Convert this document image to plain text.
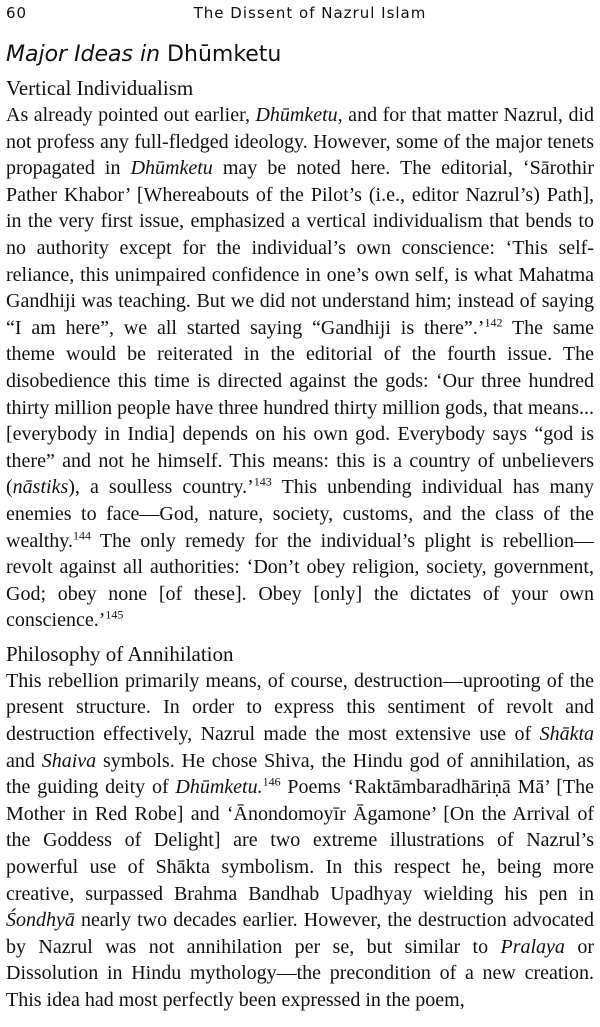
60	The Dissent of Nazrul Islam
Major Ideas in Dhūmketu
Vertical Individualism

As already pointed out earlier, Dhūmketu, and for that matter Nazrul, did not profess any full-fledged ideology. However, some of the major tenets propagated in Dhūmketu may be noted here. The editorial, ‘Sārothir Pather Khabor’ [Whereabouts of the Pilot’s (i.e., editor Nazrul’s) Path], in the very first issue, emphasized a vertical individualism that bends to no authority except for the individual’s own conscience: ‘This self-reliance, this unimpaired confidence in one’s own self, is what Mahatma Gandhiji was teaching. But we did not understand him; instead of saying “I am here”, we all started saying “Gandhiji is there”.’$^{142}$ The same theme would be reiterated in the editorial of the fourth issue. The disobedience this time is directed against the gods: ‘Our three hundred thirty million people have three hundred thirty million gods, that means...[everybody in India] depends on his own god. Everybody says “god is there” and not he himself. This means: this is a country of unbelievers (nāstiks), a soulless country.’$^{143}$ This unbending individual has many enemies to face—God, nature, society, customs, and the class of the wealthy.$^{144}$ The only remedy for the individual’s plight is rebellion—revolt against all authorities: ‘Don’t obey religion, society, government, God; obey none [of these]. Obey [only] the dictates of your own conscience.’$^{145}$

Philosophy of Annihilation

This rebellion primarily means, of course, destruction—uprooting of the present structure. In order to express this sentiment of revolt and destruction effectively, Nazrul made the most extensive use of Shākta and Shaiva symbols. He chose Shiva, the Hindu god of annihilation, as the guiding deity of Dhūmketu.$^{146}$ Poems ‘Raktāmbaradhāriṇā Mā’ [The Mother in Red Robe] and ‘Ānondomoyīr Āgamone’ [On the Arrival of the Goddess of Delight] are two extreme illustrations of Nazrul’s powerful use of Shākta symbolism. In this respect he, being more creative, surpassed Brahma Bandhab Upadhyay wielding his pen in Śondhyā nearly two decades earlier. However, the destruction advocated by Nazrul was not annihilation per se, but similar to Pralaya or Dissolution in Hindu mythology—the precondition of a new creation. This idea had most perfectly been expressed in the poem,
